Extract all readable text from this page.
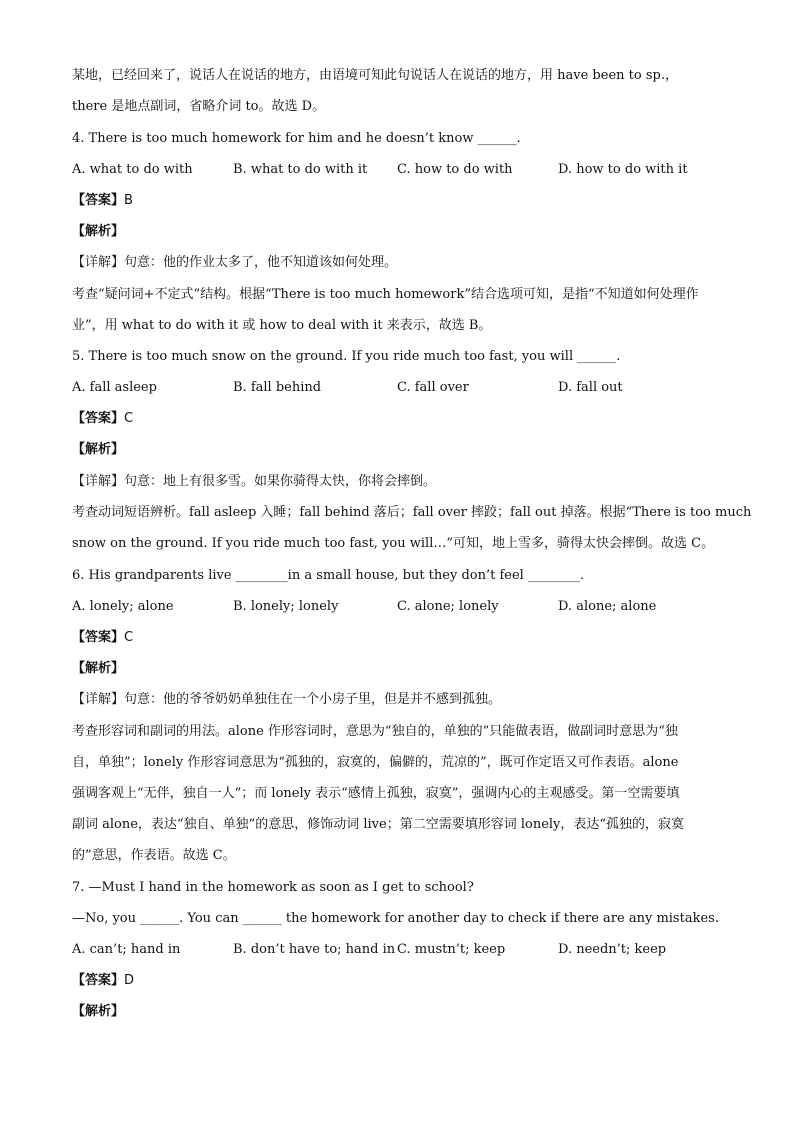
某地，已经回来了，说话人在说话的地方，由语境可知此句说话人在说话的地方，用 have been to sp.，
there 是地点副词，省略介词 to。故选 D。
4. There is too much homework for him and he doesn’t know ______.
A. what to do with	B. what to do with it C. how to do with	D. how to do with it
【答案】B
【解析】
【详解】句意：他的作业太多了，他不知道该如何处理。
考查“疑问词+不定式”结构。根据“There is too much homework”结合选项可知，是指“不知道如何处理作
业”，用 what to do with it 或 how to deal with it 来表示，故选 B。
5. There is too much snow on the ground. If you ride much too fast, you will ______.
A. fall asleep	B. fall behind	C. fall over	D. fall out
【答案】C
【解析】
【详解】句意：地上有很多雪。如果你骑得太快，你将会摔倒。
考查动词短语辨析。fall asleep 入睡；fall behind 落后；fall over 摔跤；fall out 掉落。根据“There is too much
snow on the ground. If you ride much too fast, you will…”可知，地上雪多，骑得太快会摔倒。故选 C。
6. His grandparents live ________in a small house, but they don’t feel ________.
A. lonely; alone	B. lonely; lonely	C. alone; lonely	D. alone; alone
【答案】C
【解析】
【详解】句意：他的爷爷奶奶单独住在一个小房子里，但是并不感到孤独。
考查形容词和副词的用法。alone 作形容词时，意思为“独自的，单独的”只能做表语，做副词时意思为“独
自，单独”；lonely 作形容词意思为“孤独的，寂寞的，偏僻的，荒凉的”，既可作定语又可作表语。alone
强调客观上“无伴，独自一人”；而 lonely 表示“感情上孤独，寂寞”，强调内心的主观感受。第一空需要填
副词 alone，表达“独自、单独”的意思，修饰动词 live；第二空需要填形容词 lonely，表达“孤独的，寂寞
的”意思，作表语。故选 C。
7. —Must I hand in the homework as soon as I get to school?
—No, you ______. You can ______ the homework for another day to check if there are any mistakes.
A. can’t; hand in	B. don’t have to; hand in C. mustn’t; keep	D. needn’t; keep
【答案】D
【解析】
